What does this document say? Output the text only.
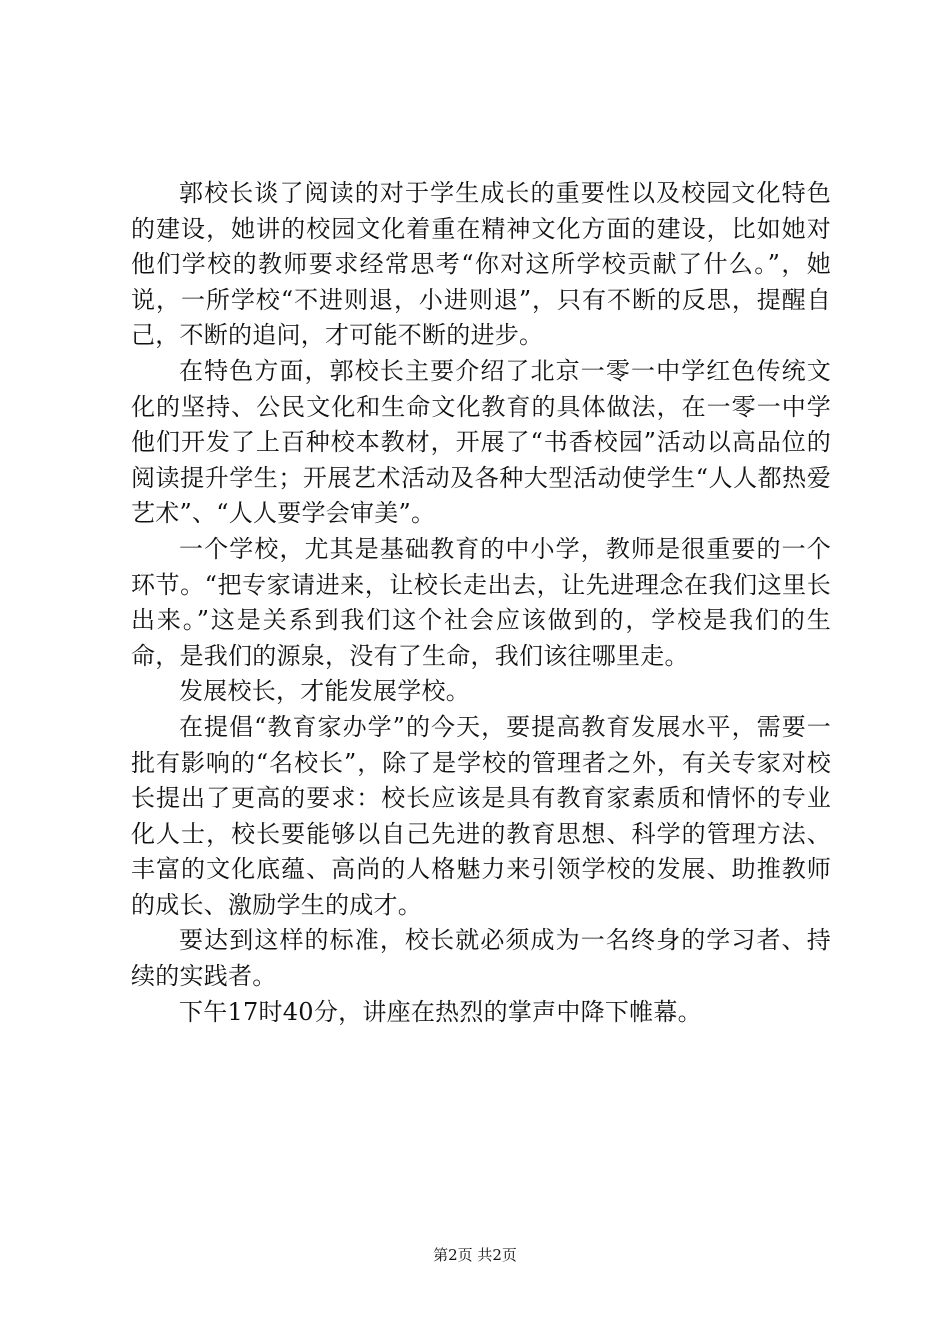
郭校长谈了阅读的对于学生成长的重要性以及校园文化特色的建设，她讲的校园文化着重在精神文化方面的建设，比如她对他们学校的教师要求经常思考“你对这所学校贡献了什么。”，她说，一所学校“不进则退，小进则退”，只有不断的反思，提醒自己，不断的追问，才可能不断的进步。

在特色方面，郭校长主要介绍了北京一零一中学红色传统文化的坚持、公民文化和生命文化教育的具体做法，在一零一中学他们开发了上百种校本教材，开展了“书香校园”活动以高品位的阅读提升学生；开展艺术活动及各种大型活动使学生“人人都热爱艺术”、“人人要学会审美”。

一个学校，尤其是基础教育的中小学，教师是很重要的一个环节。“把专家请进来，让校长走出去，让先进理念在我们这里长出来。”这是关系到我们这个社会应该做到的，学校是我们的生命，是我们的源泉，没有了生命，我们该往哪里走。

发展校长，才能发展学校。

在提倡“教育家办学”的今天，要提高教育发展水平，需要一批有影响的“名校长”，除了是学校的管理者之外，有关专家对校长提出了更高的要求：校长应该是具有教育家素质和情怀的专业化人士，校长要能够以自己先进的教育思想、科学的管理方法、丰富的文化底蕴、高尚的人格魅力来引领学校的发展、助推教师的成长、激励学生的成才。

要达到这样的标准，校长就必须成为一名终身的学习者、持续的实践者。

下午17时40分，讲座在热烈的掌声中降下帷幕。

第2页 共2页
